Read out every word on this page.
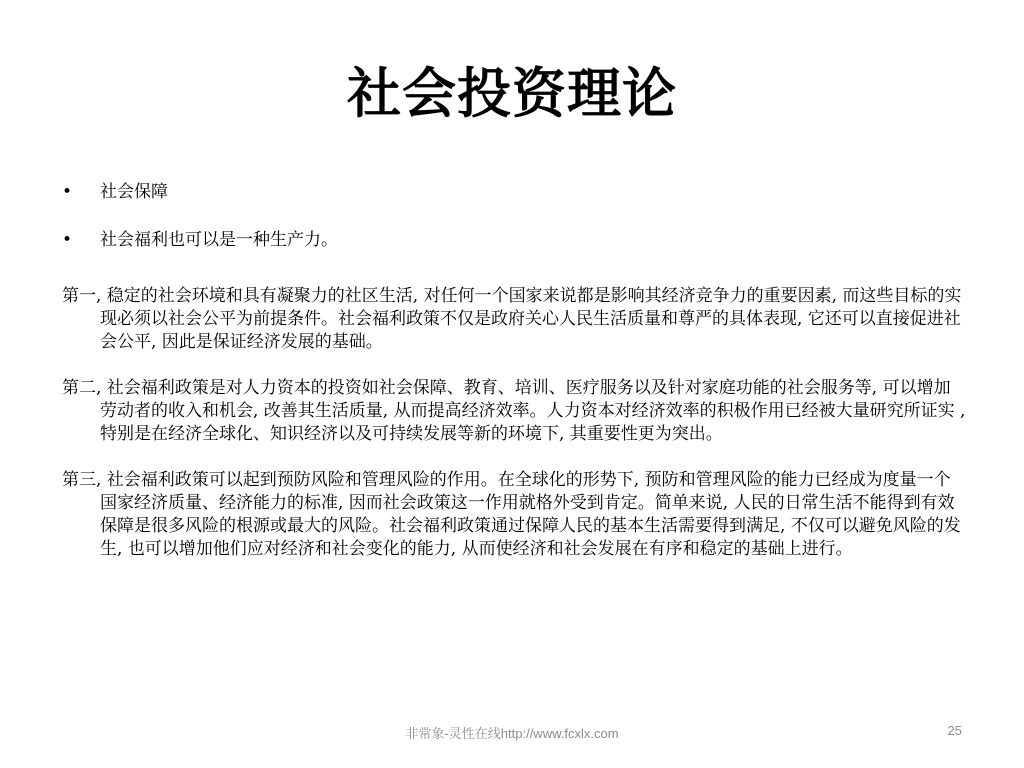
社会投资理论
• 社会保障
• 社会福利也可以是一种生产力。

第一, 稳定的社会环境和具有凝聚力的社区生活, 对任何一个国家来说都是影响其经济竞争力的重要因素, 而这些目标的实现必须以社会公平为前提条件。社会福利政策不仅是政府关心人民生活质量和尊严的具体表现, 它还可以直接促进社会公平, 因此是保证经济发展的基础。

第二, 社会福利政策是对人力资本的投资如社会保障、教育、培训、医疗服务以及针对家庭功能的社会服务等, 可以增加劳动者的收入和机会, 改善其生活质量, 从而提高经济效率。人力资本对经济效率的积极作用已经被大量研究所证实 , 特别是在经济全球化、知识经济以及可持续发展等新的环境下, 其重要性更为突出。

第三, 社会福利政策可以起到预防风险和管理风险的作用。在全球化的形势下, 预防和管理风险的能力已经成为度量一个国家经济质量、经济能力的标准, 因而社会政策这一作用就格外受到肯定。简单来说, 人民的日常生活不能得到有效保障是很多风险的根源或最大的风险。社会福利政策通过保障人民的基本生活需要得到满足, 不仅可以避免风险的发生, 也可以增加他们应对经济和社会变化的能力, 从而使经济和社会发展在有序和稳定的基础上进行。

非常象-灵性在线http://www.fcxlx.com	25
